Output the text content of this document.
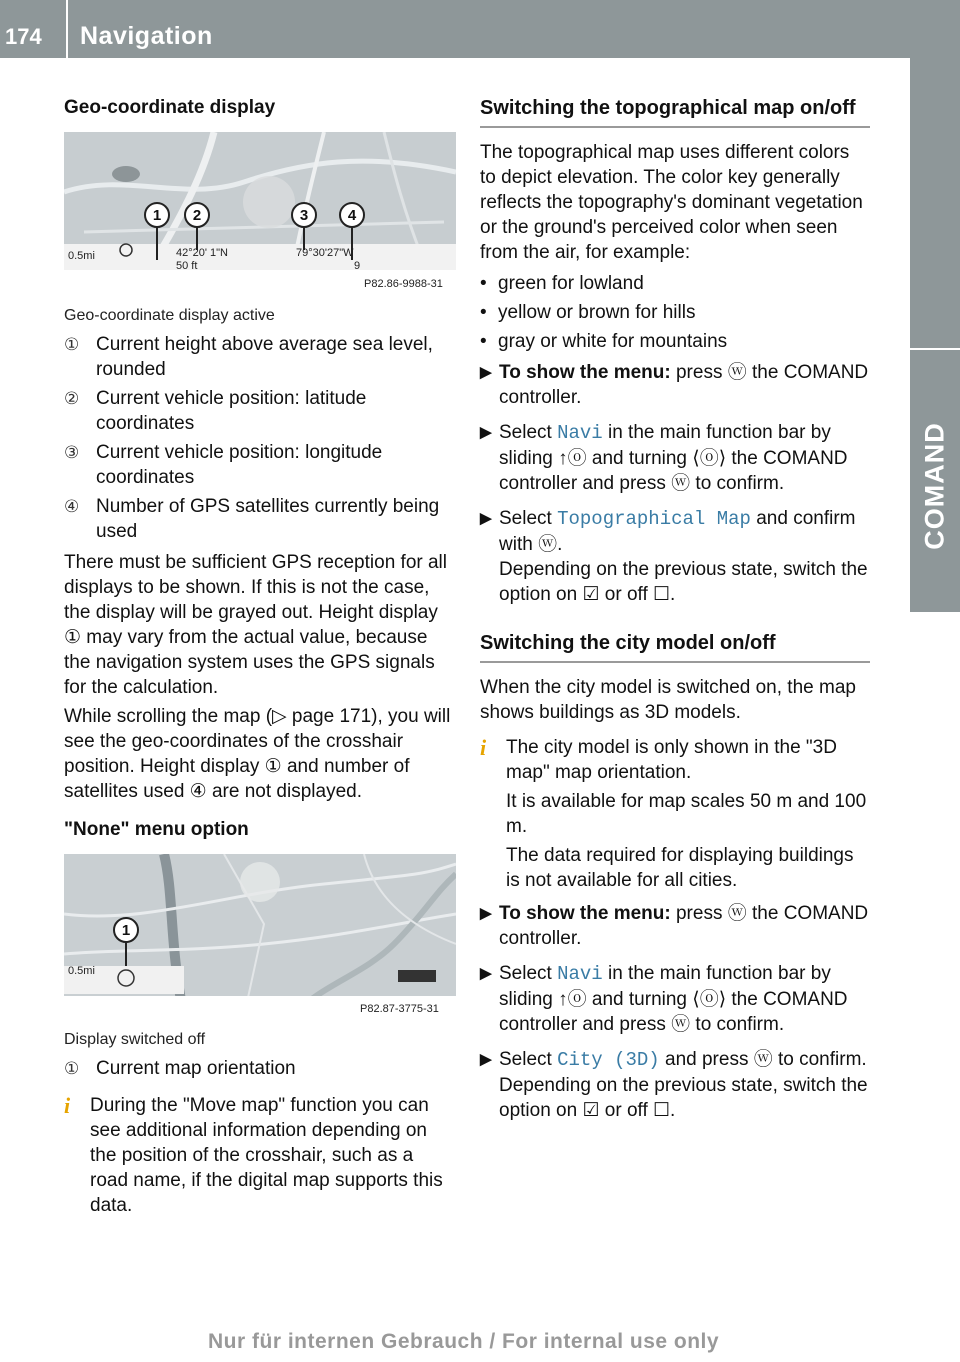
174	Navigation
COMAND
Geo-coordinate display
1 2	3	4
0.5mi	42°20' 1"N
50 ft
79°30'27"W
9
P82.86-9988-31

Geo-coordinate display active

① Current height above average sea level, rounded
② Current vehicle position: latitude coordinates
③ Current vehicle position: longitude coordinates
④ Number of GPS satellites currently being used

There must be sufficient GPS reception for all displays to be shown. If this is not the case, the display will be grayed out. Height display ① may vary from the actual value, because the navigation system uses the GPS signals for the calculation.

While scrolling the map (▷ page 171), you will see the geo-coordinates of the crosshair position. Height display ① and number of satellites used ④ are not displayed.

"None" menu option
1
0.5mi
P82.87-3775-31

Display switched off

① Current map orientation
i	During the "Move map" function you can see additional information depending on the position of the crosshair, such as a road name, if the digital map supports this data.
Switching the topographical map on/off

The topographical map uses different colors to depict elevation. The color key generally reflects the topography's dominant vegetation or the ground's perceived color when seen from the air, for example:

• green for lowland
• yellow or brown for hills
• gray or white for mountains
▶ To show the menu: press ⓦ the COMAND controller.
▶ Select Navi in the main function bar by sliding ↑ⓞ and turning ⟨ⓞ⟩ the COMAND controller and press ⓦ to confirm.
▶ Select Topographical Map and confirm with ⓦ.
Depending on the previous state, switch the option on ☑ or off ☐.
Switching the city model on/off

When the city model is switched on, the map shows buildings as 3D models.

i	The city model is only shown in the "3D map" map orientation.

It is available for map scales 50 m and 100 m.
The data required for displaying buildings is not available for all cities.
▶ To show the menu: press ⓦ the COMAND controller.
▶ Select Navi in the main function bar by sliding ↑ⓞ and turning ⟨ⓞ⟩ the COMAND controller and press ⓦ to confirm.
▶ Select City (3D) and press ⓦ to confirm.
Depending on the previous state, switch the option on ☑ or off ☐.
Nur für internen Gebrauch / For internal use only
